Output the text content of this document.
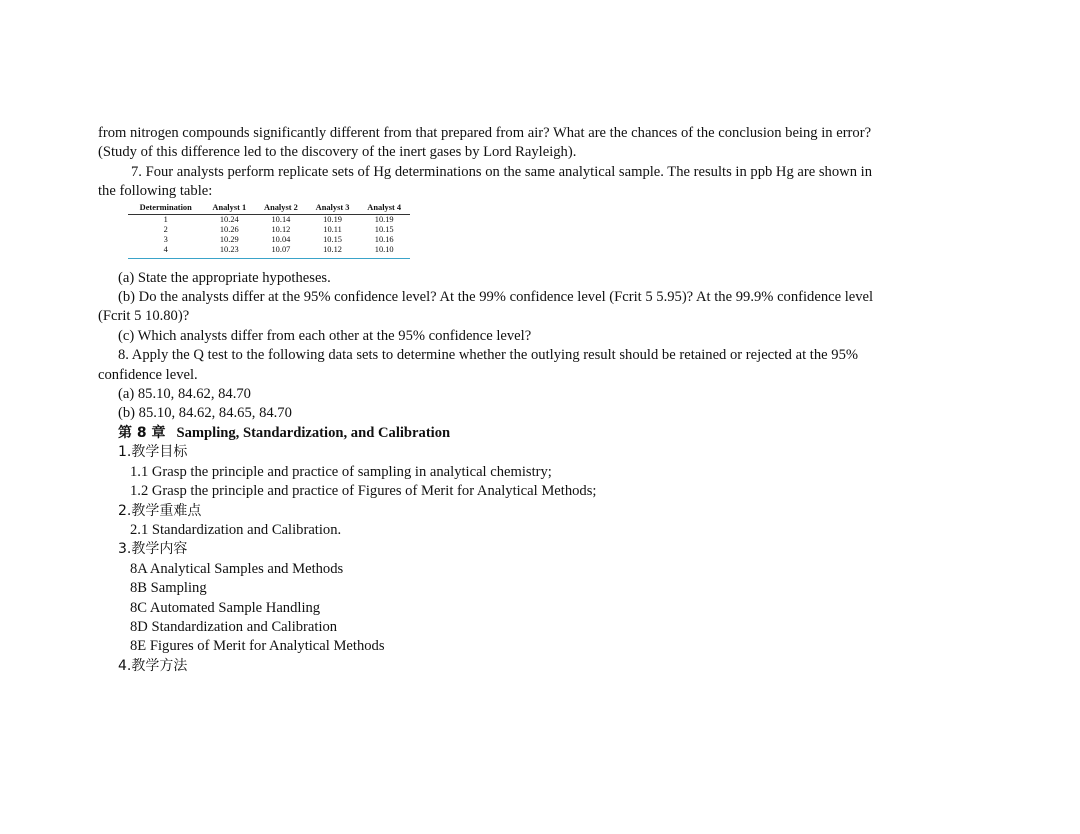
from nitrogen compounds significantly different from that prepared from air? What are the chances of the conclusion being in error?
(Study of this difference led to the discovery of the inert gases by Lord Rayleigh).
7. Four analysts perform replicate sets of Hg determinations on the same analytical sample. The results in ppb Hg are shown in
the following table:
Determination	Analyst 1	Analyst 2	Analyst 3	Analyst 4
1	10.24	10.14	10.19	10.19
2	10.26	10.12	10.11	10.15
3	10.29	10.04	10.15	10.16
4	10.23	10.07	10.12	10.10
(a) State the appropriate hypotheses.
(b) Do the analysts differ at the 95% confidence level? At the 99% confidence level (Fcrit 5 5.95)? At the 99.9% confidence level
(Fcrit 5 10.80)?
(c) Which analysts differ from each other at the 95% confidence level?
8. Apply the Q test to the following data sets to determine whether the outlying result should be retained or rejected at the 95%
confidence level.
(a) 85.10, 84.62, 84.70
(b) 85.10, 84.62, 84.65, 84.70
第 8 章 Sampling, Standardization, and Calibration
1.教学目标
1.1 Grasp the principle and practice of sampling in analytical chemistry;
1.2 Grasp the principle and practice of Figures of Merit for Analytical Methods;
2.教学重难点
2.1 Standardization and Calibration.
3.教学内容
8A Analytical Samples and Methods
8B Sampling
8C Automated Sample Handling
8D Standardization and Calibration
8E Figures of Merit for Analytical Methods
4.教学方法
